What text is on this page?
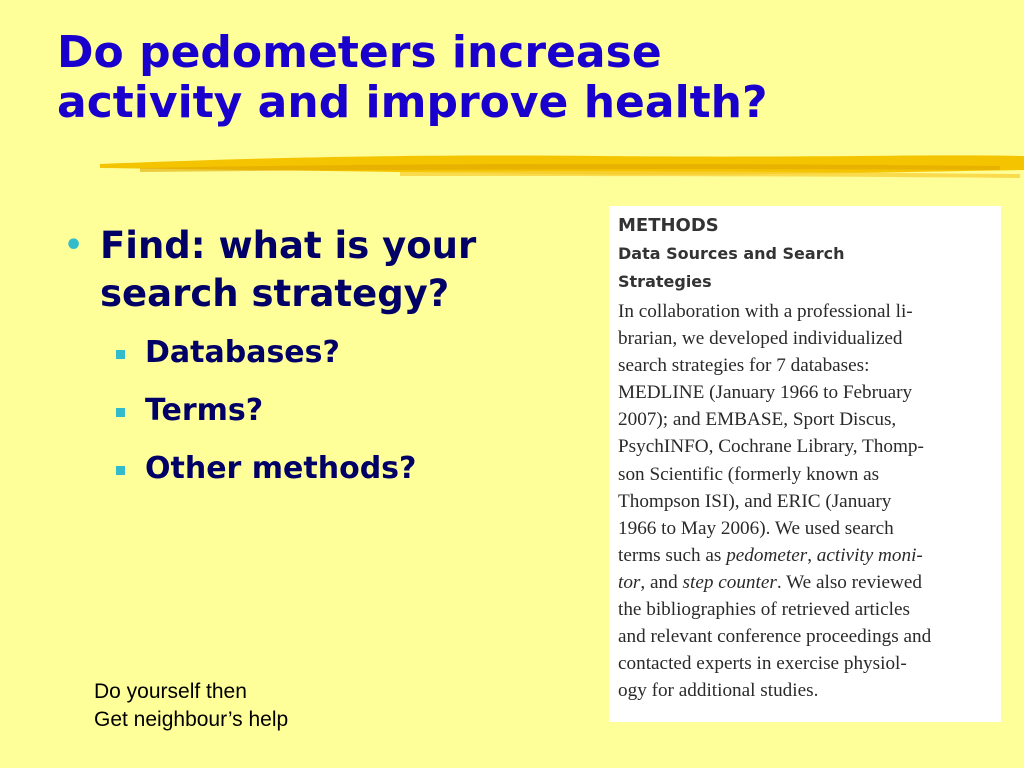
Do pedometers increase
activity and improve health?
• Find: what is your
search strategy?
Databases?
Terms?
Other methods?
Do yourself then
Get neighbour’s help
METHODS
Data Sources and Search
Strategies
In collaboration with a professional li-
brarian, we developed individualized
search strategies for 7 databases:
MEDLINE (January 1966 to February
2007); and EMBASE, Sport Discus,
PsychINFO, Cochrane Library, Thomp-
son Scientific (formerly known as
Thompson ISI), and ERIC (January
1966 to May 2006). We used search
terms such as pedometer, activity moni-
tor, and step counter. We also reviewed
the bibliographies of retrieved articles
and relevant conference proceedings and
contacted experts in exercise physiol-
ogy for additional studies.
